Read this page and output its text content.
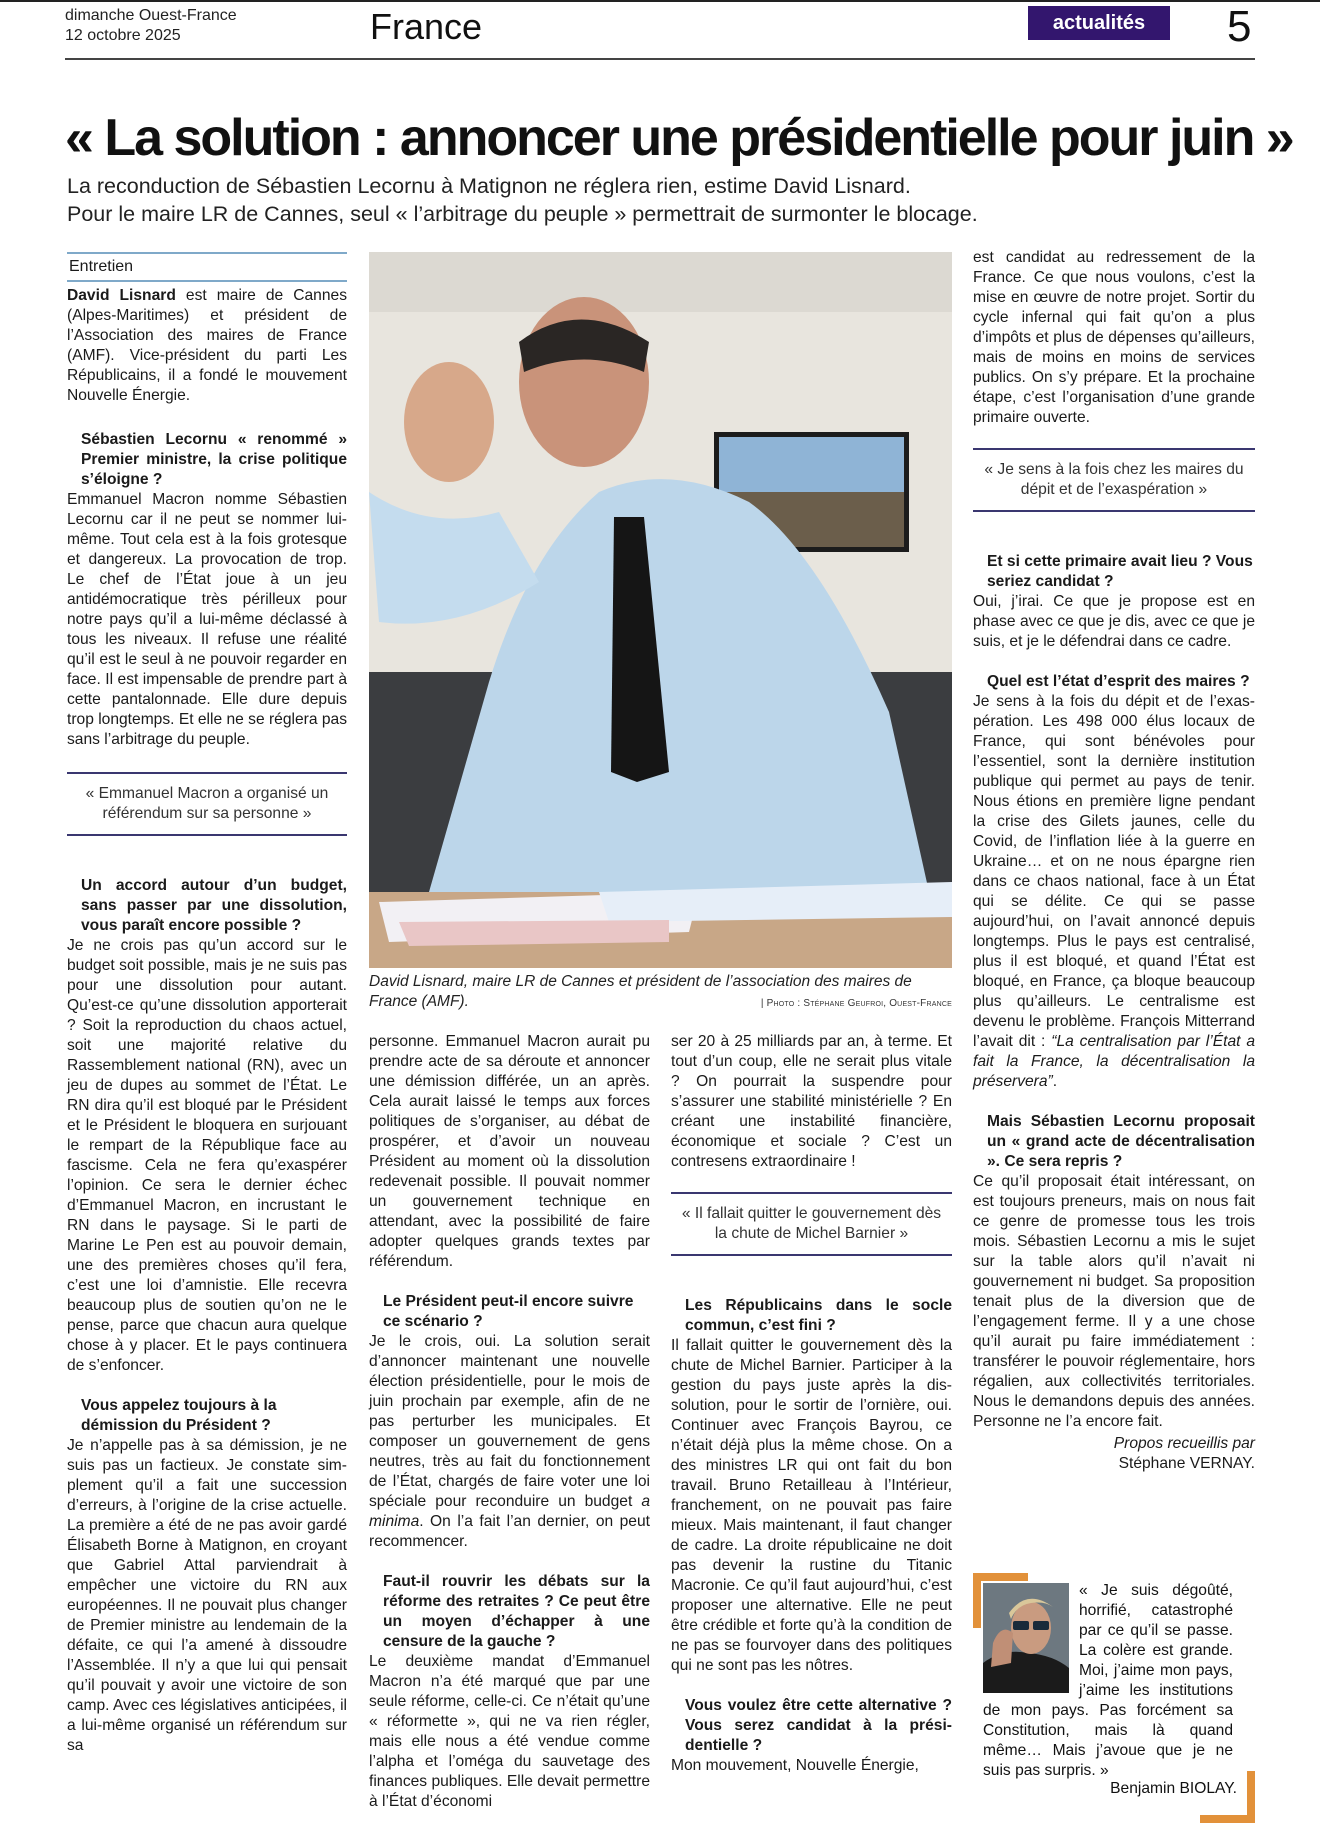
dimanche Ouest-France
12 octobre 2025	France	actualités	5
« La solution : annoncer une présidentielle pour juin »
La reconduction de Sébastien Lecornu à Matignon ne réglera rien, estime David Lisnard.
Pour le maire LR de Cannes, seul « l’arbitrage du peuple » permettrait de surmonter le blocage.
Entretien

David Lisnard est maire de Cannes (Alpes-Maritimes) et président de l’Association des maires de France (AMF). Vice-président du parti Les Républicains, il a fondé le mouvement Nouvelle Énergie.

Sébastien Lecornu « renommé » Premier ministre, la crise politique s’éloigne ?

Emmanuel Macron nomme Sébastien Lecornu car il ne peut se nommer lui-même. Tout cela est à la fois grotesque et dangereux. La provocation de trop. Le chef de l’État joue à un jeu antidémocratique très périlleux pour notre pays qu’il a lui-même déclassé à tous les niveaux. Il refuse une réalité qu’il est le seul à ne pouvoir regarder en face. Il est impensable de prendre part à cette pantalonnade. Elle dure depuis trop longtemps. Et elle ne se réglera pas sans l’arbitrage du peuple.

« Emmanuel Macron a organisé un référendum sur sa personne »

Un accord autour d’un budget, sans passer par une dissolution, vous paraît encore possible ?

Je ne crois pas qu’un accord sur le budget soit possible, mais je ne suis pas pour une dissolution pour autant. Qu’est-ce qu’une dissolution apporterait ? Soit la reproduction du chaos actuel, soit une majorité relative du Rassemblement national (RN), avec un jeu de dupes au sommet de l’État. Le RN dira qu’il est bloqué par le Président et le Président le bloquera en surjouant le rempart de la République face au fascisme. Cela ne fera qu’exaspérer l’opinion. Ce sera le dernier échec d’Emmanuel Macron, en incrustant le RN dans le paysage. Si le parti de Marine Le Pen est au pouvoir demain, une des premières choses qu’il fera, c’est une loi d’amnistie. Elle recevra beaucoup plus de soutien qu’on ne le pense, parce que chacun aura quelque chose à y placer. Et le pays continuera de s’enfoncer.

Vous appelez toujours à la démission du Président ?

Je n’appelle pas à sa démission, je ne suis pas un factieux. Je constate simplement qu’il a fait une succession d’erreurs, à l’origine de la crise actuelle. La première a été de ne pas avoir gardé Élisabeth Borne à Matignon, en croyant que Gabriel Attal parviendrait à empêcher une victoire du RN aux européennes. Il ne pouvait plus changer de Premier ministre au lendemain de la défaite, ce qui l’a amené à dissoudre l’Assemblée. Il n’y a que lui qui pensait qu’il pouvait y avoir une victoire de son camp. Avec ces législatives anticipées, il a lui-même organisé un référendum sur sa

David Lisnard, maire LR de Cannes et président de l’association des maires de France (AMF).	| Photo : Stéphane Geufroi, Ouest-France

personne. Emmanuel Macron aurait pu prendre acte de sa déroute et annoncer une démission différée, un an après. Cela aurait laissé le temps aux forces politiques de s’organiser, au débat de prospérer, et d’avoir un nouveau Président au moment où la dissolution redevenait possible. Il pouvait nommer un gouvernement technique en attendant, avec la possibilité de faire adopter quelques grands textes par référendum.

Le Président peut-il encore suivre ce scénario ?

Je le crois, oui. La solution serait d’annoncer maintenant une nouvelle élection présidentielle, pour le mois de juin prochain par exemple, afin de ne pas perturber les municipales. Et composer un gouvernement de gens neutres, très au fait du fonctionnement de l’État, chargés de faire voter une loi spéciale pour reconduire un budget a minima. On l’a fait l’an dernier, on peut recommencer.

Faut-il rouvrir les débats sur la réforme des retraites ? Ce peut être un moyen d’échapper à une censure de la gauche ?

Le deuxième mandat d’Emmanuel Macron n’a été marqué que par une seule réforme, celle-ci. Ce n’était qu’une « réformette », qui ne va rien régler, mais elle nous a été vendue comme l’alpha et l’oméga du sauvetage des finances publiques. Elle devait permettre à l’État d’économi

ser 20 à 25 milliards par an, à terme. Et tout d’un coup, elle ne serait plus vitale ? On pourrait la suspendre pour s’assurer une stabilité ministérielle ? En créant une instabilité financière, économique et sociale ? C’est un contresens extraordinaire !

« Il fallait quitter le gouvernement dès la chute de Michel Barnier »

Les Républicains dans le socle commun, c’est fini ?

Il fallait quitter le gouvernement dès la chute de Michel Barnier. Participer à la gestion du pays juste après la dissolution, pour le sortir de l’ornière, oui. Continuer avec François Bayrou, ce n’était déjà plus la même chose. On a des ministres LR qui ont fait du bon travail. Bruno Retailleau à l’Intérieur, franchement, on ne pouvait pas faire mieux. Mais maintenant, il faut changer de cadre. La droite républicaine ne doit pas devenir la rustine du Titanic Macronie. Ce qu’il faut aujourd’hui, c’est proposer une alternative. Elle ne peut être crédible et forte qu’à la condition de ne pas se fourvoyer dans des politiques qui ne sont pas les nôtres.

Vous voulez être cette alternative ? Vous serez candidat à la présidentielle ?

Mon mouvement, Nouvelle Énergie,

est candidat au redressement de la France. Ce que nous voulons, c’est la mise en œuvre de notre projet. Sortir du cycle infernal qui fait qu’on a plus d’impôts et plus de dépenses qu’ailleurs, mais de moins en moins de services publics. On s’y prépare. Et la prochaine étape, c’est l’organisation d’une grande primaire ouverte.

« Je sens à la fois chez les maires du dépit et de l’exaspération »

Et si cette primaire avait lieu ? Vous seriez candidat ?

Oui, j’irai. Ce que je propose est en phase avec ce que je dis, avec ce que je suis, et je le défendrai dans ce cadre.

Quel est l’état d’esprit des maires ?

Je sens à la fois du dépit et de l’exaspération. Les 498 000 élus locaux de France, qui sont bénévoles pour l’essentiel, sont la dernière institution publique qui permet au pays de tenir. Nous étions en première ligne pendant la crise des Gilets jaunes, celle du Covid, de l’inflation liée à la guerre en Ukraine… et on ne nous épargne rien dans ce chaos national, face à un État qui se délite. Ce qui se passe aujourd’hui, on l’avait annoncé depuis longtemps. Plus le pays est centralisé, plus il est bloqué, et quand l’État est bloqué, en France, ça bloque beaucoup plus qu’ailleurs. Le centralisme est devenu le problème. François Mitterrand l’avait dit : “La centralisation par l’État a fait la France, la décentralisation la préservera”.

Mais Sébastien Lecornu proposait un « grand acte de décentralisation ». Ce sera repris ?

Ce qu’il proposait était intéressant, on est toujours preneurs, mais on nous fait ce genre de promesse tous les trois mois. Sébastien Lecornu a mis le sujet sur la table alors qu’il n’avait ni gouvernement ni budget. Sa proposition tenait plus de la diversion que de l’engagement ferme. Il y a une chose qu’il aurait pu faire immédiatement : transférer le pouvoir réglementaire, hors régalien, aux collectivités territoriales. Nous le demandons depuis des années. Personne ne l’a encore fait.

Propos recueillis par
Stéphane VERNAY.
« Je suis dégoûté, horrifié, catastrophé par ce qu’il se passe. La colère est grande. Moi, j’aime mon pays, j’aime les institutions de mon pays. Pas forcément sa Constitution, mais là quand même… Mais j’avoue que je ne suis pas surpris. »
Benjamin BIOLAY.
